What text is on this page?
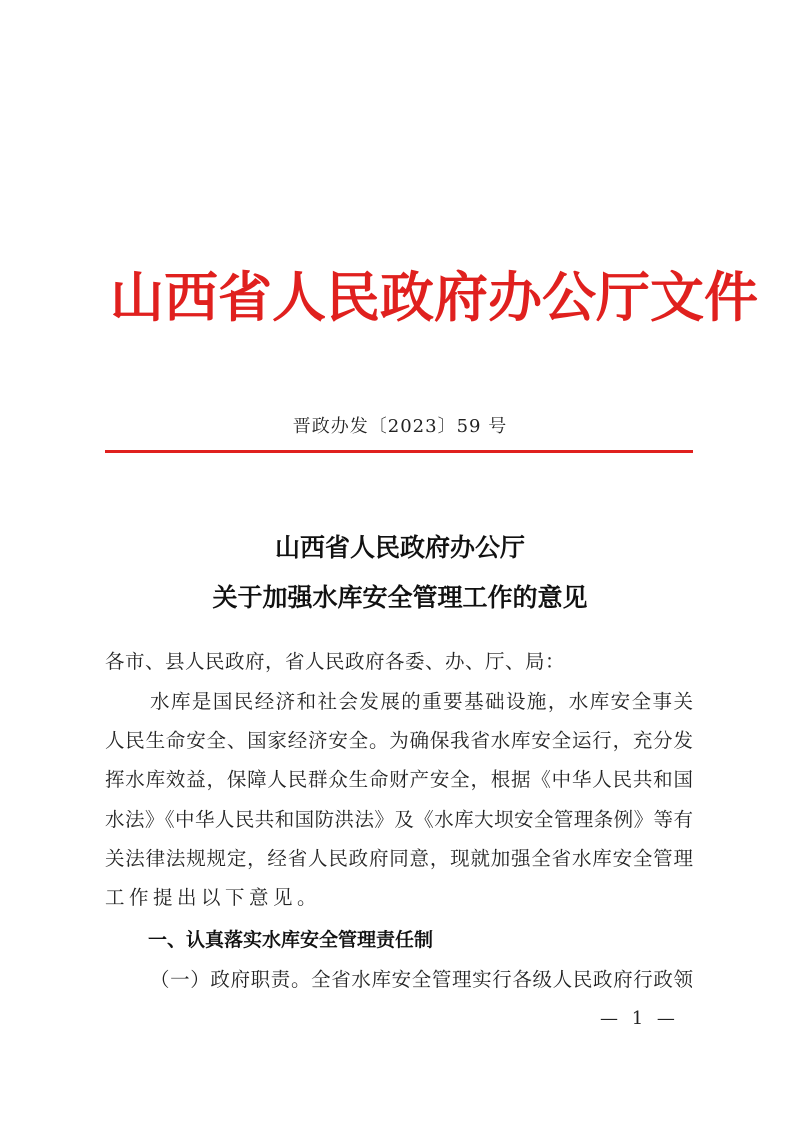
山西省人民政府办公厅文件
晋政办发〔2023〕59 号
山西省人民政府办公厅
关于加强水库安全管理工作的意见
各市、县人民政府，省人民政府各委、办、厅、局：
水库是国民经济和社会发展的重要基础设施，水库安全事关
人民生命安全、国家经济安全。为确保我省水库安全运行，充分发
挥水库效益，保障人民群众生命财产安全，根据《中华人民共和国
水法》《中华人民共和国防洪法》及《水库大坝安全管理条例》等有
关法律法规规定，经省人民政府同意，现就加强全省水库安全管理
工作提出以下意见。
一、认真落实水库安全管理责任制
（一）政府职责。全省水库安全管理实行各级人民政府行政领
— 1 —
